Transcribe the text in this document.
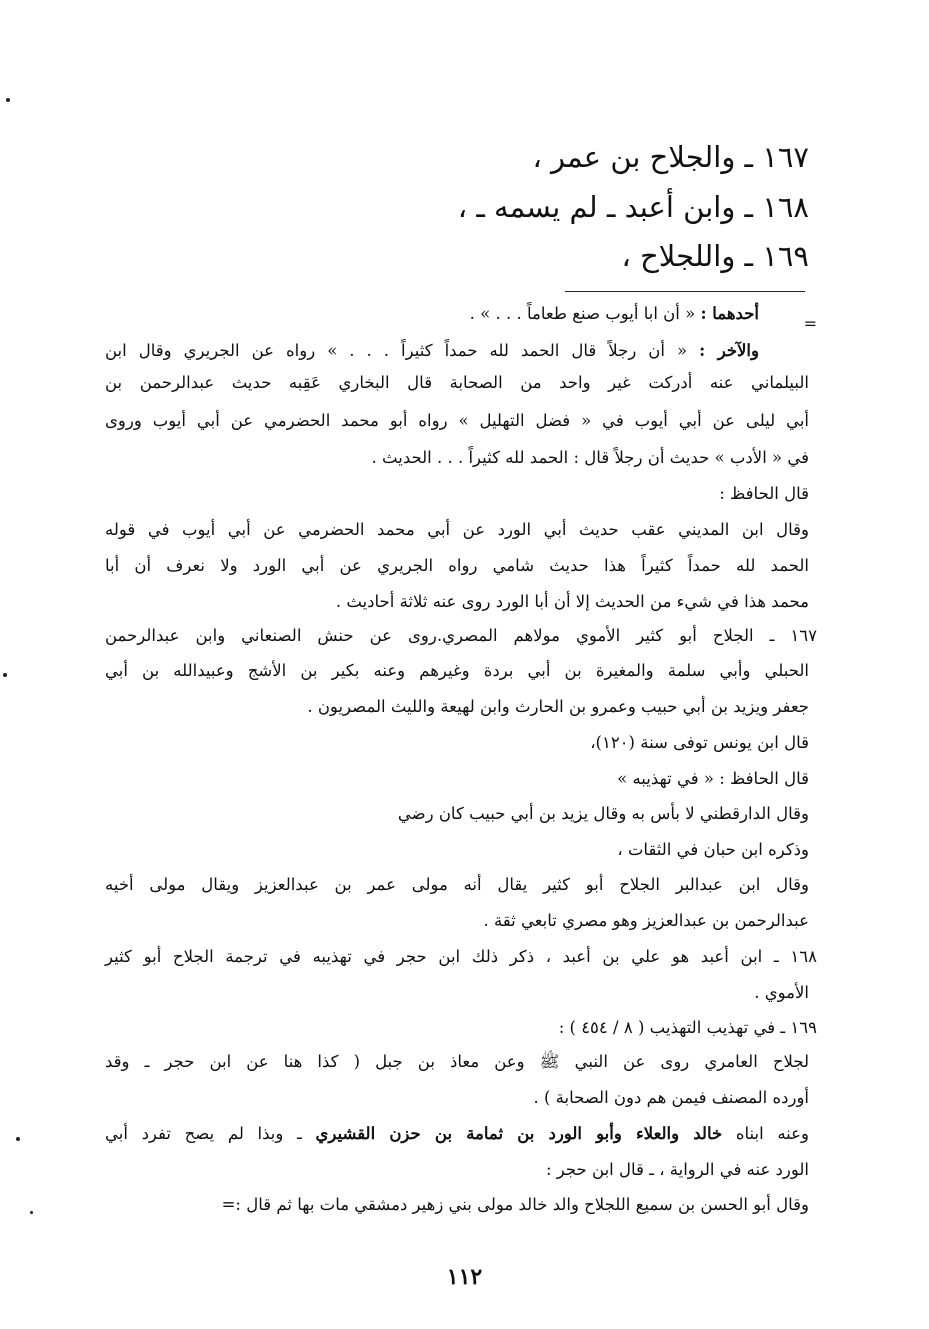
١٦٧ ـ والجلاح بن عمر ،
١٦٨ ـ وابن أعبد ـ لم يسمه ـ ،
١٦٩ ـ واللجلاح ،
=
أحدهما : « أن ابا أيوب صنع طعاماً . . . » .
والآخر : « أن رجلاً قال الحمد لله حمداً كثيراً . . . » رواه عن الجريري وقال ابن
البيلماني عنه أدركت غير واحد من الصحابة قال البخاري عَقِبه حديث عبدالرحمن بن
أبي ليلى عن أبي أيوب في « فضل التهليل » رواه أبو محمد الحضرمي عن أبي أيوب وروى
في « الأدب » حديث أن رجلاً قال : الحمد لله كثيراً . . . الحديث .
قال الحافظ :
وقال ابن المديني عقب حديث أبي الورد عن أبي محمد الحضرمي عن أبي أيوب في قوله
الحمد لله حمداً كثيراً هذا حديث شامي رواه الجريري عن أبي الورد ولا نعرف أن أبا
محمد هذا في شيء من الحديث إلا أن أبا الورد روى عنه ثلاثة أحاديث .
١٦٧ ـ الجلاح أبو كثير الأموي مولاهم المصري.روى عن حنش الصنعاني وابن عبدالرحمن
الحبلي وأبي سلمة والمغيرة بن أبي بردة وغيرهم وعنه بكير بن الأشج وعبيدالله بن أبي
جعفر ويزيد بن أبي حبيب وعمرو بن الحارث وابن لهيعة والليث المصريون .
قال ابن يونس توفى سنة (١٢٠)،
قال الحافظ : « في تهذيبه »
وقال الدارقطني لا بأس به وقال يزيد بن أبي حبيب كان رضي
وذكره ابن حبان في الثقات ،
وقال ابن عبدالبر الجلاح أبو كثير يقال أنه مولى عمر بن عبدالعزيز ويقال مولى أخيه
عبدالرحمن بن عبدالعزيز وهو مصري تابعي ثقة .
١٦٨ ـ ابن أعبد هو علي بن أعبد ، ذكر ذلك ابن حجر في تهذيبه في ترجمة الجلاح أبو كثير
الأموي .
١٦٩ ـ في تهذيب التهذيب ( ٨ / ٤٥٤ ) :
لجلاح العامري روى عن النبي ﷺ وعن معاذ بن جبل ( كذا هنا عن ابن حجر ـ وقد
أورده المصنف فيمن هم دون الصحابة ) .
وعنه ابناه خالد والعلاء وأبو الورد بن ثمامة بن حزن القشيري ـ وبذا لم يصح تفرد أبي
الورد عنه في الرواية ، ـ قال ابن حجر :
وقال أبو الحسن بن سميع اللجلاح والد خالد مولى بني زهير دمشقي مات بها ثم قال :=
١١٢
